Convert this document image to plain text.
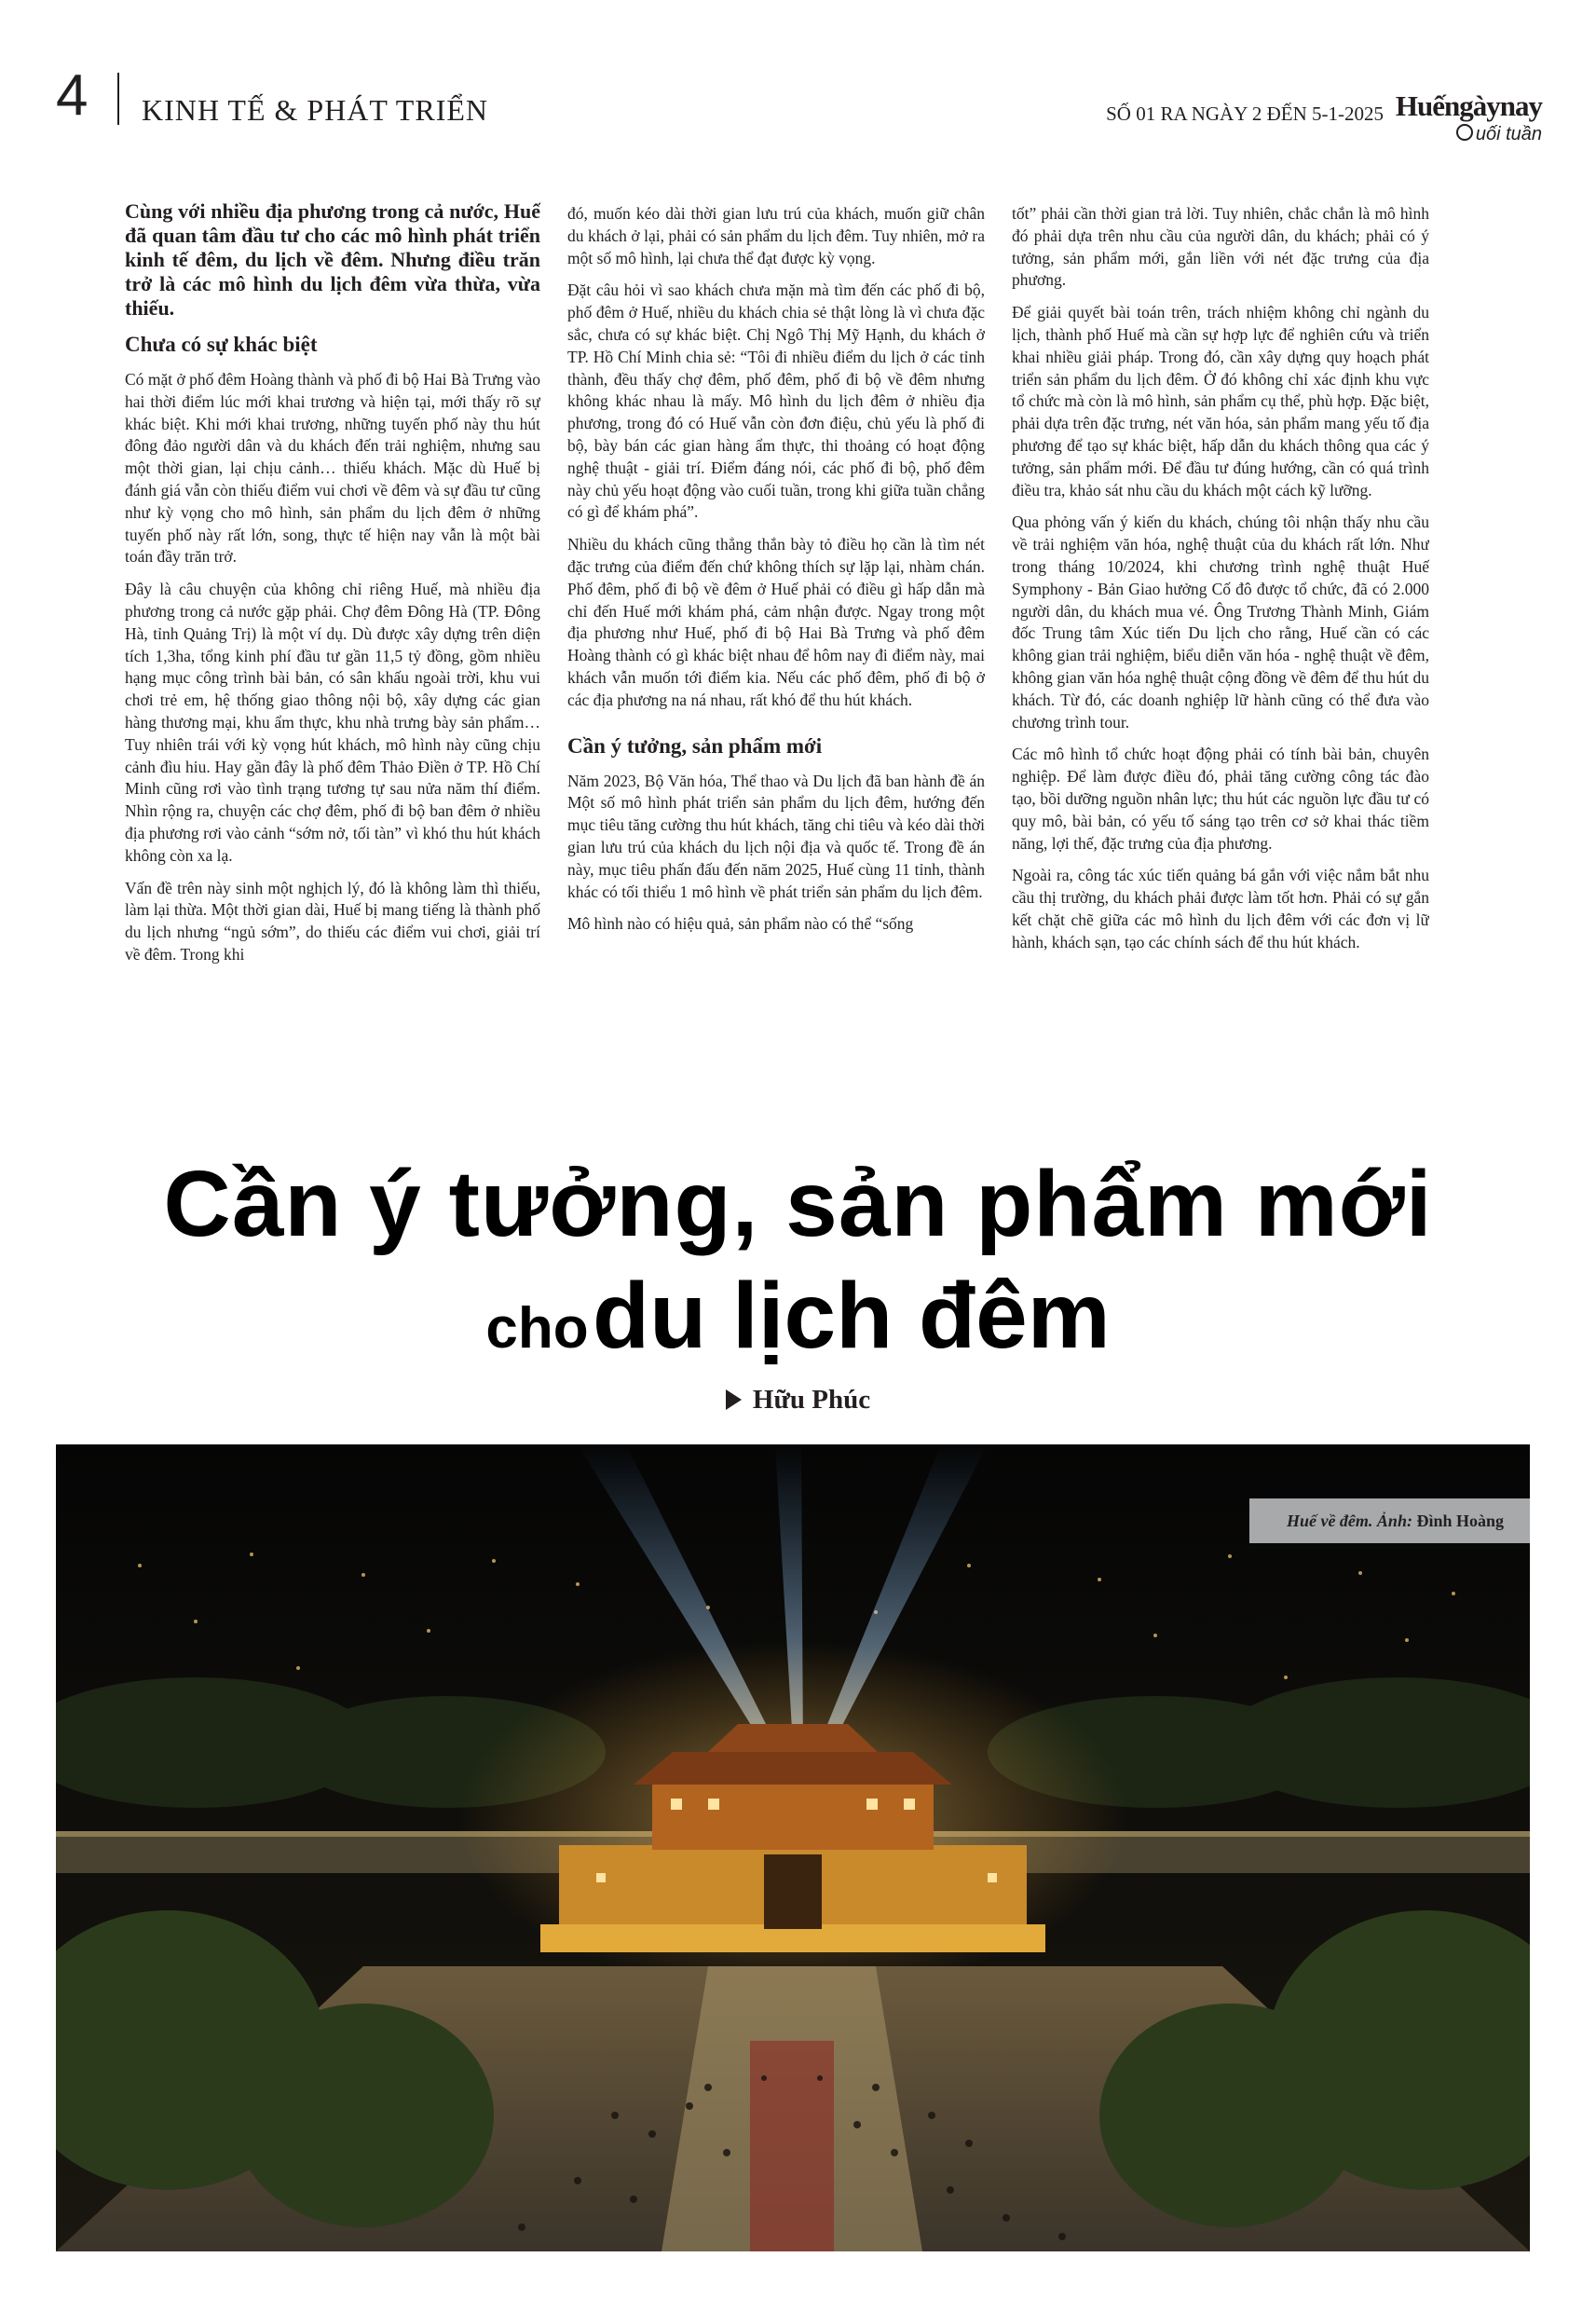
4 KINH TẾ & PHÁT TRIỂN	SỐ 01 RA NGÀY 2 ĐẾN 5-1-2025 Huếngàynay
uối tuần

Cùng với nhiều địa phương trong cả nước, Huế đã quan tâm đầu tư cho các mô hình phát triển kinh tế đêm, du lịch về đêm. Nhưng điều trăn trở là các mô hình du lịch đêm vừa thừa, vừa thiếu.

Chưa có sự khác biệt

Có mặt ở phố đêm Hoàng thành và phố đi bộ Hai Bà Trưng vào hai thời điểm lúc mới khai trương và hiện tại, mới thấy rõ sự khác biệt. Khi mới khai trương, những tuyến phố này thu hút đông đảo người dân và du khách đến trải nghiệm, nhưng sau một thời gian, lại chịu cảnh… thiếu khách. Mặc dù Huế bị đánh giá vẫn còn thiếu điểm vui chơi về đêm và sự đầu tư cũng như kỳ vọng cho mô hình, sản phẩm du lịch đêm ở những tuyến phố này rất lớn, song, thực tế hiện nay vẫn là một bài toán đầy trăn trở.

Đây là câu chuyện của không chỉ riêng Huế, mà nhiều địa phương trong cả nước gặp phải. Chợ đêm Đông Hà (TP. Đông Hà, tỉnh Quảng Trị) là một ví dụ. Dù được xây dựng trên diện tích 1,3ha, tổng kinh phí đầu tư gần 11,5 tỷ đồng, gồm nhiều hạng mục công trình bài bản, có sân khấu ngoài trời, khu vui chơi trẻ em, hệ thống giao thông nội bộ, xây dựng các gian hàng thương mại, khu ẩm thực, khu nhà trưng bày sản phẩm… Tuy nhiên trái với kỳ vọng hút khách, mô hình này cũng chịu cảnh đìu hiu. Hay gần đây là phố đêm Thảo Điền ở TP. Hồ Chí Minh cũng rơi vào tình trạng tương tự sau nửa năm thí điểm. Nhìn rộng ra, chuyện các chợ đêm, phố đi bộ ban đêm ở nhiều địa phương rơi vào cảnh “sớm nở, tối tàn” vì khó thu hút khách không còn xa lạ.

Vấn đề trên này sinh một nghịch lý, đó là không làm thì thiếu, làm lại thừa. Một thời gian dài, Huế bị mang tiếng là thành phố du lịch nhưng “ngủ sớm”, do thiếu các điểm vui chơi, giải trí về đêm. Trong khi

đó, muốn kéo dài thời gian lưu trú của khách, muốn giữ chân du khách ở lại, phải có sản phẩm du lịch đêm. Tuy nhiên, mở ra một số mô hình, lại chưa thể đạt được kỳ vọng.

Đặt câu hỏi vì sao khách chưa mặn mà tìm đến các phố đi bộ, phố đêm ở Huế, nhiều du khách chia sẻ thật lòng là vì chưa đặc sắc, chưa có sự khác biệt. Chị Ngô Thị Mỹ Hạnh, du khách ở TP. Hồ Chí Minh chia sẻ: “Tôi đi nhiều điểm du lịch ở các tỉnh thành, đều thấy chợ đêm, phố đêm, phố đi bộ về đêm nhưng không khác nhau là mấy. Mô hình du lịch đêm ở nhiều địa phương, trong đó có Huế vẫn còn đơn điệu, chủ yếu là phố đi bộ, bày bán các gian hàng ẩm thực, thi thoảng có hoạt động nghệ thuật - giải trí. Điểm đáng nói, các phố đi bộ, phố đêm này chủ yếu hoạt động vào cuối tuần, trong khi giữa tuần chẳng có gì để khám phá”.

Nhiều du khách cũng thẳng thắn bày tỏ điều họ cần là tìm nét đặc trưng của điểm đến chứ không thích sự lặp lại, nhàm chán. Phố đêm, phố đi bộ về đêm ở Huế phải có điều gì hấp dẫn mà chỉ đến Huế mới khám phá, cảm nhận được. Ngay trong một địa phương như Huế, phố đi bộ Hai Bà Trưng và phố đêm Hoàng thành có gì khác biệt nhau để hôm nay đi điểm này, mai khách vẫn muốn tới điểm kia. Nếu các phố đêm, phố đi bộ ở các địa phương na ná nhau, rất khó để thu hút khách.

Cần ý tưởng, sản phẩm mới

Năm 2023, Bộ Văn hóa, Thể thao và Du lịch đã ban hành đề án Một số mô hình phát triển sản phẩm du lịch đêm, hướng đến mục tiêu tăng cường thu hút khách, tăng chi tiêu và kéo dài thời gian lưu trú của khách du lịch nội địa và quốc tế. Trong đề án này, mục tiêu phấn đấu đến năm 2025, Huế cùng 11 tỉnh, thành khác có tối thiểu 1 mô hình về phát triển sản phẩm du lịch đêm.

Mô hình nào có hiệu quả, sản phẩm nào có thể “sống

tốt” phải cần thời gian trả lời. Tuy nhiên, chắc chắn là mô hình đó phải dựa trên nhu cầu của người dân, du khách; phải có ý tưởng, sản phẩm mới, gắn liền với nét đặc trưng của địa phương.

Để giải quyết bài toán trên, trách nhiệm không chỉ ngành du lịch, thành phố Huế mà cần sự hợp lực để nghiên cứu và triển khai nhiều giải pháp. Trong đó, cần xây dựng quy hoạch phát triển sản phẩm du lịch đêm. Ở đó không chỉ xác định khu vực tổ chức mà còn là mô hình, sản phẩm cụ thể, phù hợp. Đặc biệt, phải dựa trên đặc trưng, nét văn hóa, sản phẩm mang yếu tố địa phương để tạo sự khác biệt, hấp dẫn du khách thông qua các ý tưởng, sản phẩm mới. Để đầu tư đúng hướng, cần có quá trình điều tra, khảo sát nhu cầu du khách một cách kỹ lưỡng.

Qua phỏng vấn ý kiến du khách, chúng tôi nhận thấy nhu cầu về trải nghiệm văn hóa, nghệ thuật của du khách rất lớn. Như trong tháng 10/2024, khi chương trình nghệ thuật Huế Symphony - Bản Giao hưởng Cố đô được tổ chức, đã có 2.000 người dân, du khách mua vé. Ông Trương Thành Minh, Giám đốc Trung tâm Xúc tiến Du lịch cho rằng, Huế cần có các không gian trải nghiệm, biểu diễn văn hóa - nghệ thuật về đêm, không gian văn hóa nghệ thuật cộng đồng về đêm để thu hút du khách. Từ đó, các doanh nghiệp lữ hành cũng có thể đưa vào chương trình tour.

Các mô hình tổ chức hoạt động phải có tính bài bản, chuyên nghiệp. Để làm được điều đó, phải tăng cường công tác đào tạo, bồi dưỡng nguồn nhân lực; thu hút các nguồn lực đầu tư có quy mô, bài bản, có yếu tố sáng tạo trên cơ sở khai thác tiềm năng, lợi thế, đặc trưng của địa phương.

Ngoài ra, công tác xúc tiến quảng bá gắn với việc nắm bắt nhu cầu thị trường, du khách phải được làm tốt hơn. Phải có sự gắn kết chặt chẽ giữa các mô hình du lịch đêm với các đơn vị lữ hành, khách sạn, tạo các chính sách để thu hút khách.

Cần ý tưởng, sản phẩm mới
cho du lịch đêm
Hữu Phúc
Huế về đêm. Ảnh: Đình Hoàng
